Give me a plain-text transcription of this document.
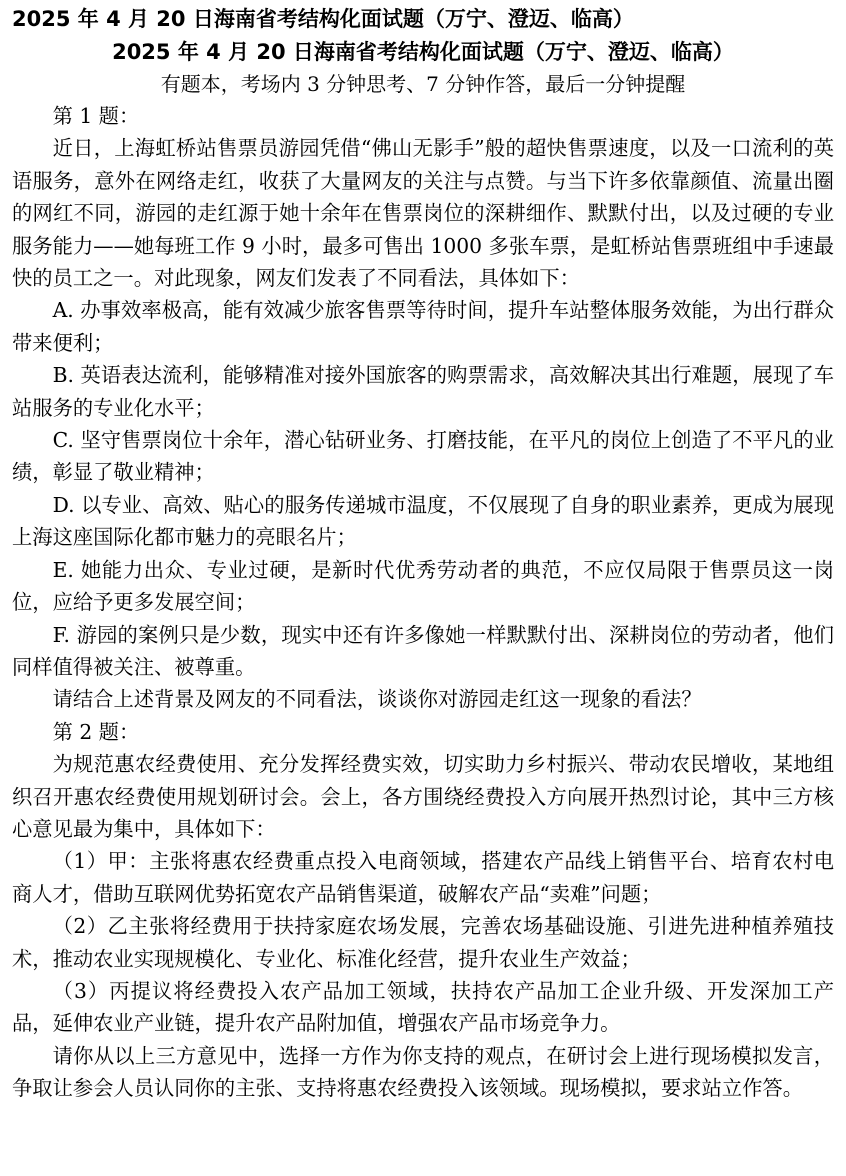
2025 年 4 月 20 日海南省考结构化面试题（万宁、澄迈、临高）
2025 年 4 月 20 日海南省考结构化面试题（万宁、澄迈、临高）
有题本，考场内 3 分钟思考、7 分钟作答，最后一分钟提醒

第 1 题：

近日，上海虹桥站售票员游园凭借“佛山无影手”般的超快售票速度，以及一口流利的英语服务，意外在网络走红，收获了大量网友的关注与点赞。与当下许多依靠颜值、流量出圈的网红不同，游园的走红源于她十余年在售票岗位的深耕细作、默默付出，以及过硬的专业服务能力——她每班工作 9 小时，最多可售出 1000 多张车票，是虹桥站售票班组中手速最快的员工之一。对此现象，网友们发表了不同看法，具体如下：

A. 办事效率极高，能有效减少旅客售票等待时间，提升车站整体服务效能，为出行群众带来便利；

B. 英语表达流利，能够精准对接外国旅客的购票需求，高效解决其出行难题，展现了车站服务的专业化水平；

C. 坚守售票岗位十余年，潜心钻研业务、打磨技能，在平凡的岗位上创造了不平凡的业绩，彰显了敬业精神；

D. 以专业、高效、贴心的服务传递城市温度，不仅展现了自身的职业素养，更成为展现上海这座国际化都市魅力的亮眼名片；

E. 她能力出众、专业过硬，是新时代优秀劳动者的典范，不应仅局限于售票员这一岗位，应给予更多发展空间；

F. 游园的案例只是少数，现实中还有许多像她一样默默付出、深耕岗位的劳动者，他们同样值得被关注、被尊重。

请结合上述背景及网友的不同看法，谈谈你对游园走红这一现象的看法？

第 2 题：

为规范惠农经费使用、充分发挥经费实效，切实助力乡村振兴、带动农民增收，某地组织召开惠农经费使用规划研讨会。会上，各方围绕经费投入方向展开热烈讨论，其中三方核心意见最为集中，具体如下：

（1）甲：主张将惠农经费重点投入电商领域，搭建农产品线上销售平台、培育农村电商人才，借助互联网优势拓宽农产品销售渠道，破解农产品“卖难”问题；

（2）乙主张将经费用于扶持家庭农场发展，完善农场基础设施、引进先进种植养殖技术，推动农业实现规模化、专业化、标准化经营，提升农业生产效益；

（3）丙提议将经费投入农产品加工领域，扶持农产品加工企业升级、开发深加工产品，延伸农业产业链，提升农产品附加值，增强农产品市场竞争力。

请你从以上三方意见中，选择一方作为你支持的观点，在研讨会上进行现场模拟发言，争取让参会人员认同你的主张、支持将惠农经费投入该领域。现场模拟，要求站立作答。
